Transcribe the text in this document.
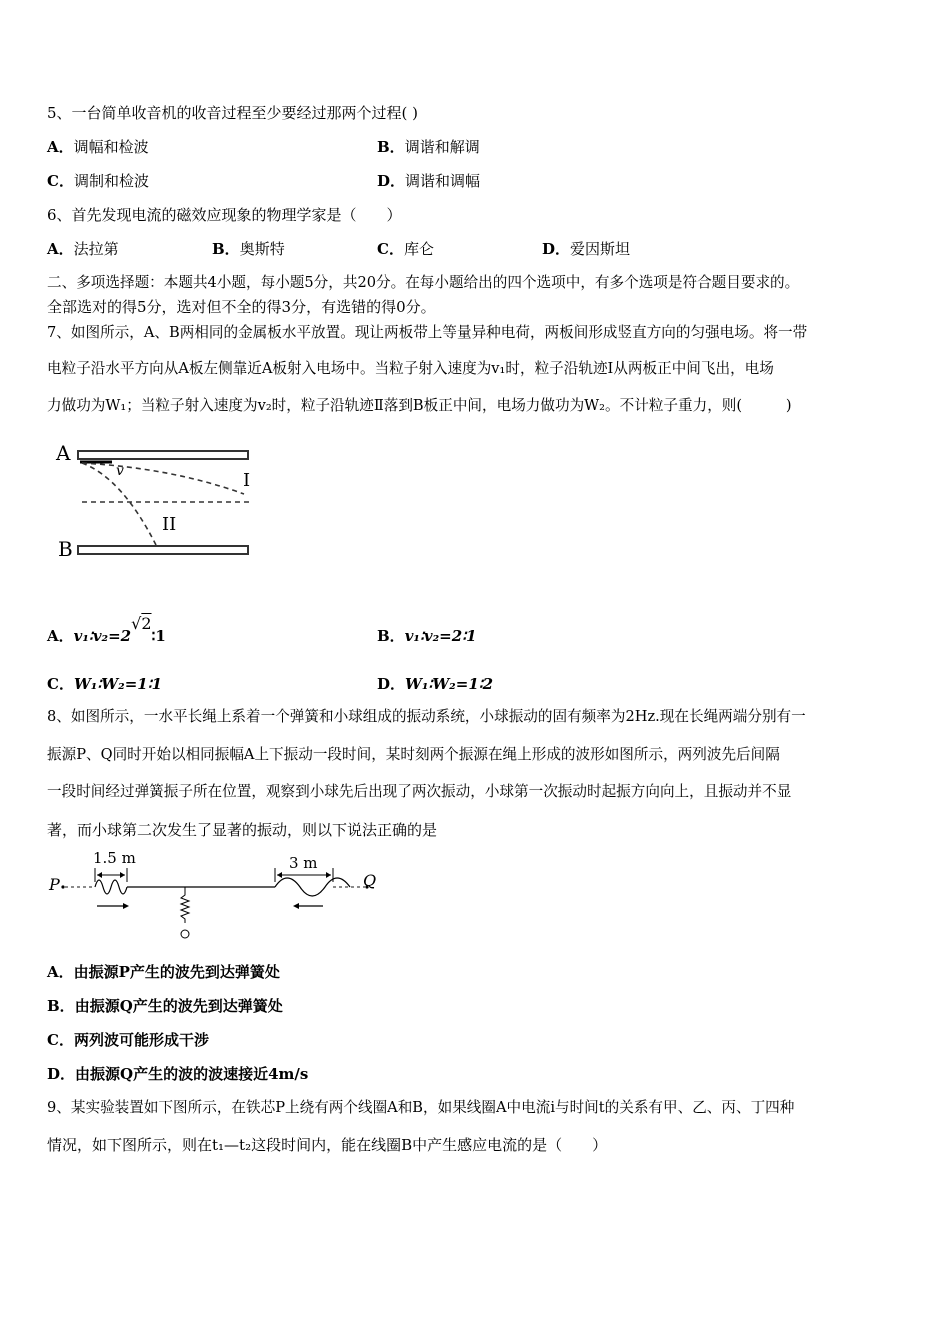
5、一台简单收音机的收音过程至少要经过那两个过程( )
A．调幅和检波	B．调谐和解调
C．调制和检波	D．调谐和调幅
6、首先发现电流的磁效应现象的物理学家是（　　）
A．法拉第	B．奥斯特	C．库仑	D．爱因斯坦
二、多项选择题：本题共4小题，每小题5分，共20分。在每小题给出的四个选项中，有多个选项是符合题目要求的。
全部选对的得5分，选对但不全的得3分，有选错的得0分。
7、如图所示，A、B两相同的金属板水平放置。现让两板带上等量异种电荷，两板间形成竖直方向的匀强电场。将一带
电粒子沿水平方向从A板左侧靠近A板射入电场中。当粒子射入速度为v₁时，粒子沿轨迹Ⅰ从两板正中间飞出，电场
力做功为W₁；当粒子射入速度为v₂时，粒子沿轨迹Ⅱ落到B板正中间，电场力做功为W₂。不计粒子重力，则(　　　)
A
B
v	I
II
A．v₁∶v₂=2√2∶1	B．v₁∶v₂=2∶1
C．W₁∶W₂=1∶1	D．W₁∶W₂=1∶2
8、如图所示，一水平长绳上系着一个弹簧和小球组成的振动系统，小球振动的固有频率为2Hz.现在长绳两端分别有一
振源P、Q同时开始以相同振幅A上下振动一段时间，某时刻两个振源在绳上形成的波形如图所示，两列波先后间隔
一段时间经过弹簧振子所在位置，观察到小球先后出现了两次振动，小球第一次振动时起振方向向上，且振动并不显
著，而小球第二次发生了显著的振动，则以下说法正确的是
P	Q
1.5 m	3 m
A．由振源P产生的波先到达弹簧处
B．由振源Q产生的波先到达弹簧处
C．两列波可能形成干涉
D．由振源Q产生的波的波速接近4m/s
9、某实验装置如下图所示，在铁芯P上绕有两个线圈A和B，如果线圈A中电流i与时间t的关系有甲、乙、丙、丁四种
情况，如下图所示，则在t₁—t₂这段时间内，能在线圈B中产生感应电流的是（　　）
